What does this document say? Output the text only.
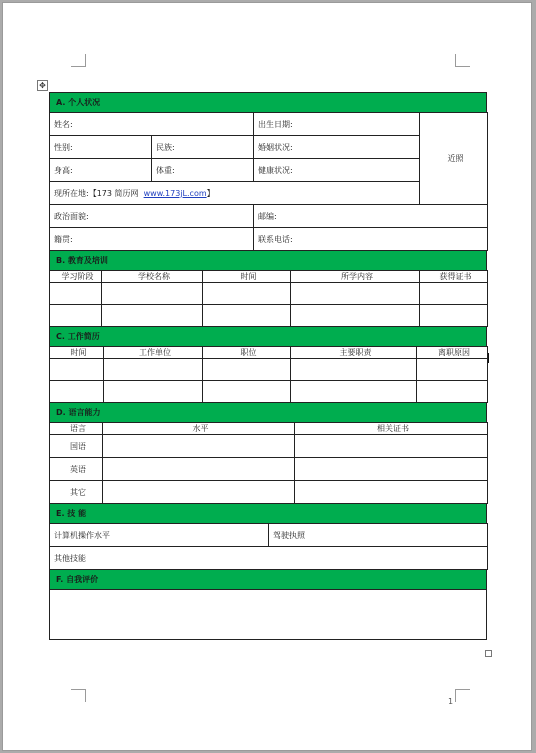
✥
1
A. 个人状况
姓名:		出生日期:	近照
性别:	民族:	婚姻状况:	
身高:	体重:	健康状况:	
现所在地:【173 简历网 www.173jL.com】			
政治面貌:		邮编:	
籍贯:		联系电话:	
B. 教育及培训
学习阶段	学校名称	时间	所学内容	获得证书

C. 工作简历
时间	工作单位	职位	主要职责	离职原因

D. 语言能力
语言	水平	相关证书
国语		
英语		
其它		
E. 技 能
计算机操作水平	驾驶执照
其他技能
F. 自我评价
